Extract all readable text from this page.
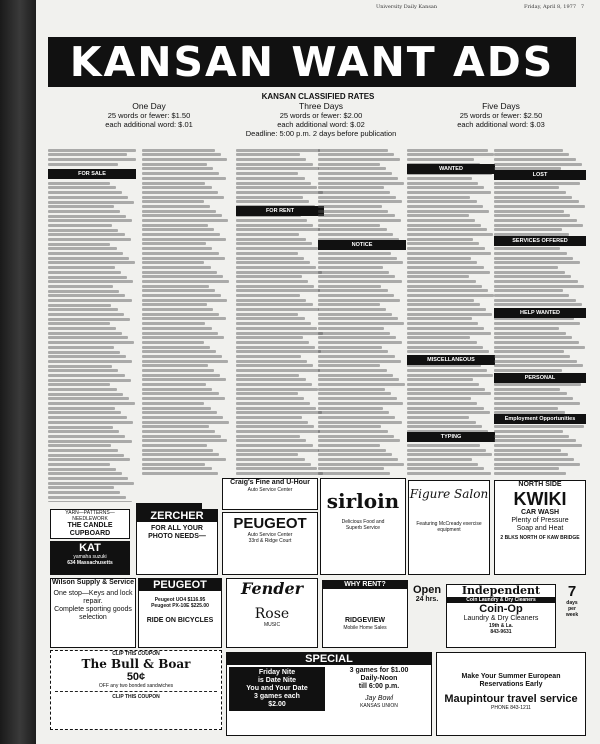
University Daily Kansan	Friday, April 8, 1977 7
KANSAN WANT ADS
KANSAN CLASSIFIED RATES
One Day
25 words or fewer: $1.50
each additional word: $.01
Three Days
25 words or fewer: $2.00
each additional word: $.02
Deadline: 5:00 p.m. 2 days before publication
Five Days
25 words or fewer: $2.50
each additional word: $.03
FOR SALE
FOR RENT
NOTICE
WANTED
MISCELLANEOUS
TYPING
LOST
SERVICES OFFERED
HELP WANTED
PERSONAL
Employment Opportunities
YARN—PATTERNS—NEEDLEWORK
THE CANDLE CUPBOARD
KAT
yamaha suzuki
634 Massachusetts
ZERCHER
FOR ALL YOUR
PHOTO NEEDS—
Craig's Fine and U-Hour
Auto Service Center
PEUGEOT
Auto Service Center
33rd & Ridge Court
sirloin
Delicious Food and
Superb Service
Figure Salon
Featuring McCready exercise equipment
NORTH SIDE
KWIKI
CAR WASH
Plenty of Pressure
Soap and Heat
2 BLKS NORTH OF KAW BRIDGE
Wilson Supply & Service
One stop—Keys and lock repair.
Complete sporting goods selection
PEUGEOT
Peugeot UO4 $116.95
Peugeot PX-10E $225.00
RIDE ON BICYCLES
Fender
Rose
MUSIC
WHY RENT?
RIDGEVIEW
Mobile Home Sales
Open
24 hrs.
Independent
Coin Laundry & Dry Cleaners
Coin-Op
Laundry & Dry Cleaners
19th & La.
843-9631
7
days
per
week
CLIP THIS COUPON
The Bull & Boar
50¢
OFF any two bonded sandwiches
CLIP THIS COUPON
SPECIAL
Friday Nite
is Date Nite
You and Your Date
3 games each
$2.00
3 games for $1.00
Daily-Noon
till 6:00 p.m.
Jay Bowl
KANSAS UNION
Make Your Summer European
Reservations Early
Maupintour travel service
PHONE 843-1211
